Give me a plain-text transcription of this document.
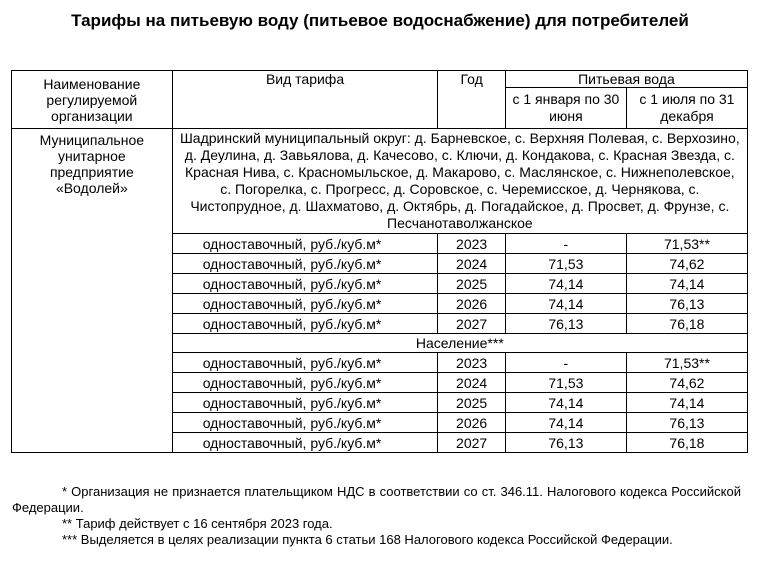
Тарифы на питьевую воду (питьевое водоснабжение) для потребителей
Наименование регулируемой организации	Вид тарифа	Год	Питьевая вода	
			с 1 января по 30 июня	с 1 июля по 31 декабря
Муниципальное унитарное предприятие «Водолей»	Шадринский муниципальный округ: д. Барневское, с. Верхняя Полевая, с. Верхозино, д. Деулина, д. Завьялова, д. Качесово, с. Ключи, д. Кондакова, с. Красная Звезда, с. Красная Нива, с. Красномыльское, д. Макарово, с. Маслянское, с. Нижнеполевское, с. Погорелка, с. Прогресс, д. Соровское, с. Черемисское, д. Чернякова, с. Чистопрудное, д. Шахматово, д. Октябрь, д. Погадайское, д. Просвет, д. Фрунзе, с. Песчанотаволжанское			
	одноставочный, руб./куб.м*	2023	-	71,53**
	одноставочный, руб./куб.м*	2024	71,53	74,62
	одноставочный, руб./куб.м*	2025	74,14	74,14
	одноставочный, руб./куб.м*	2026	74,14	76,13
	одноставочный, руб./куб.м*	2027	76,13	76,18
	Население***			
	одноставочный, руб./куб.м*	2023	-	71,53**
	одноставочный, руб./куб.м*	2024	71,53	74,62
	одноставочный, руб./куб.м*	2025	74,14	74,14
	одноставочный, руб./куб.м*	2026	74,14	76,13
	одноставочный, руб./куб.м*	2027	76,13	76,18
* Организация не признается плательщиком НДС в соответствии со ст. 346.11. Налогового кодекса Российской Федерации.
** Тариф действует с 16 сентября 2023 года.
*** Выделяется в целях реализации пункта 6 статьи 168 Налогового кодекса Российской Федерации.
